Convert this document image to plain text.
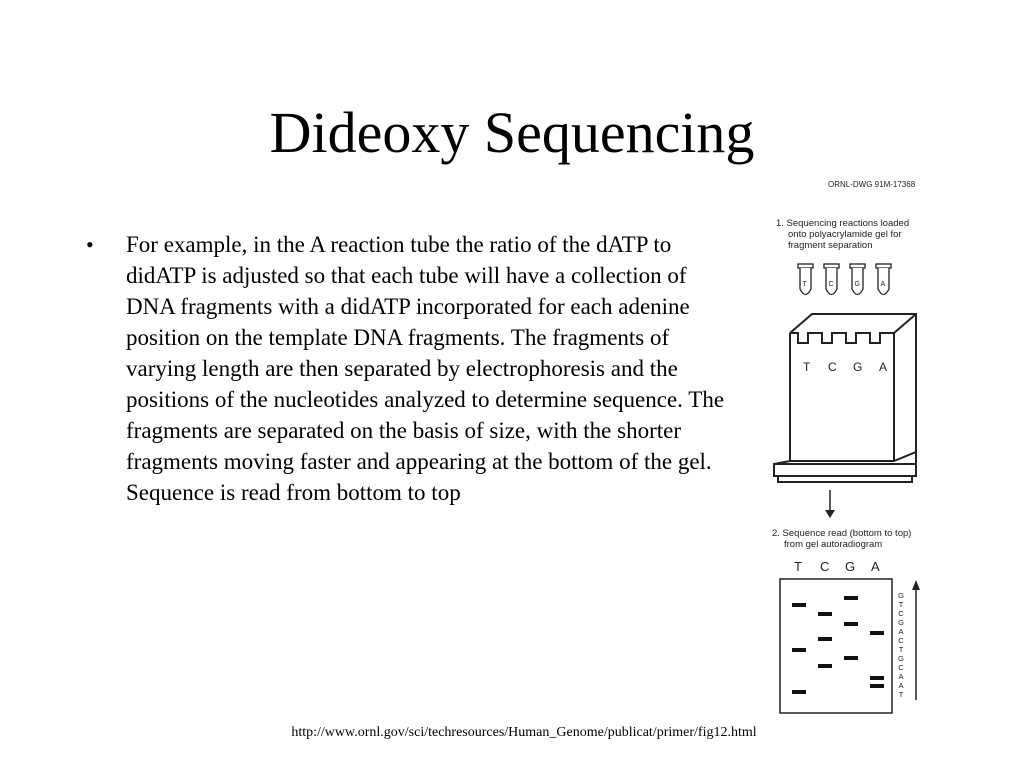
Dideoxy Sequencing
• For example, in the A reaction tube the ratio of the dATP to didATP is adjusted so that each tube will have a collection of DNA fragments with a didATP incorporated for each adenine position on the template DNA fragments. The fragments of varying length are then separated by electrophoresis and the positions of the nucleotides analyzed to determine sequence. The fragments are separated on the basis of size, with the shorter fragments moving faster and appearing at the bottom of the gel. Sequence is read from bottom to top
ORNL-DWG 91M-17368
1. Sequencing reactions loaded
onto polyacrylamide gel for
fragment separation
T	C	G	A
T C G A
2. Sequence read (bottom to top)
from gel autoradiogram
T C G A
G
T
C
G
A
C
T
G
C
A
A
T
http://www.ornl.gov/sci/techresources/Human_Genome/publicat/primer/fig12.html
